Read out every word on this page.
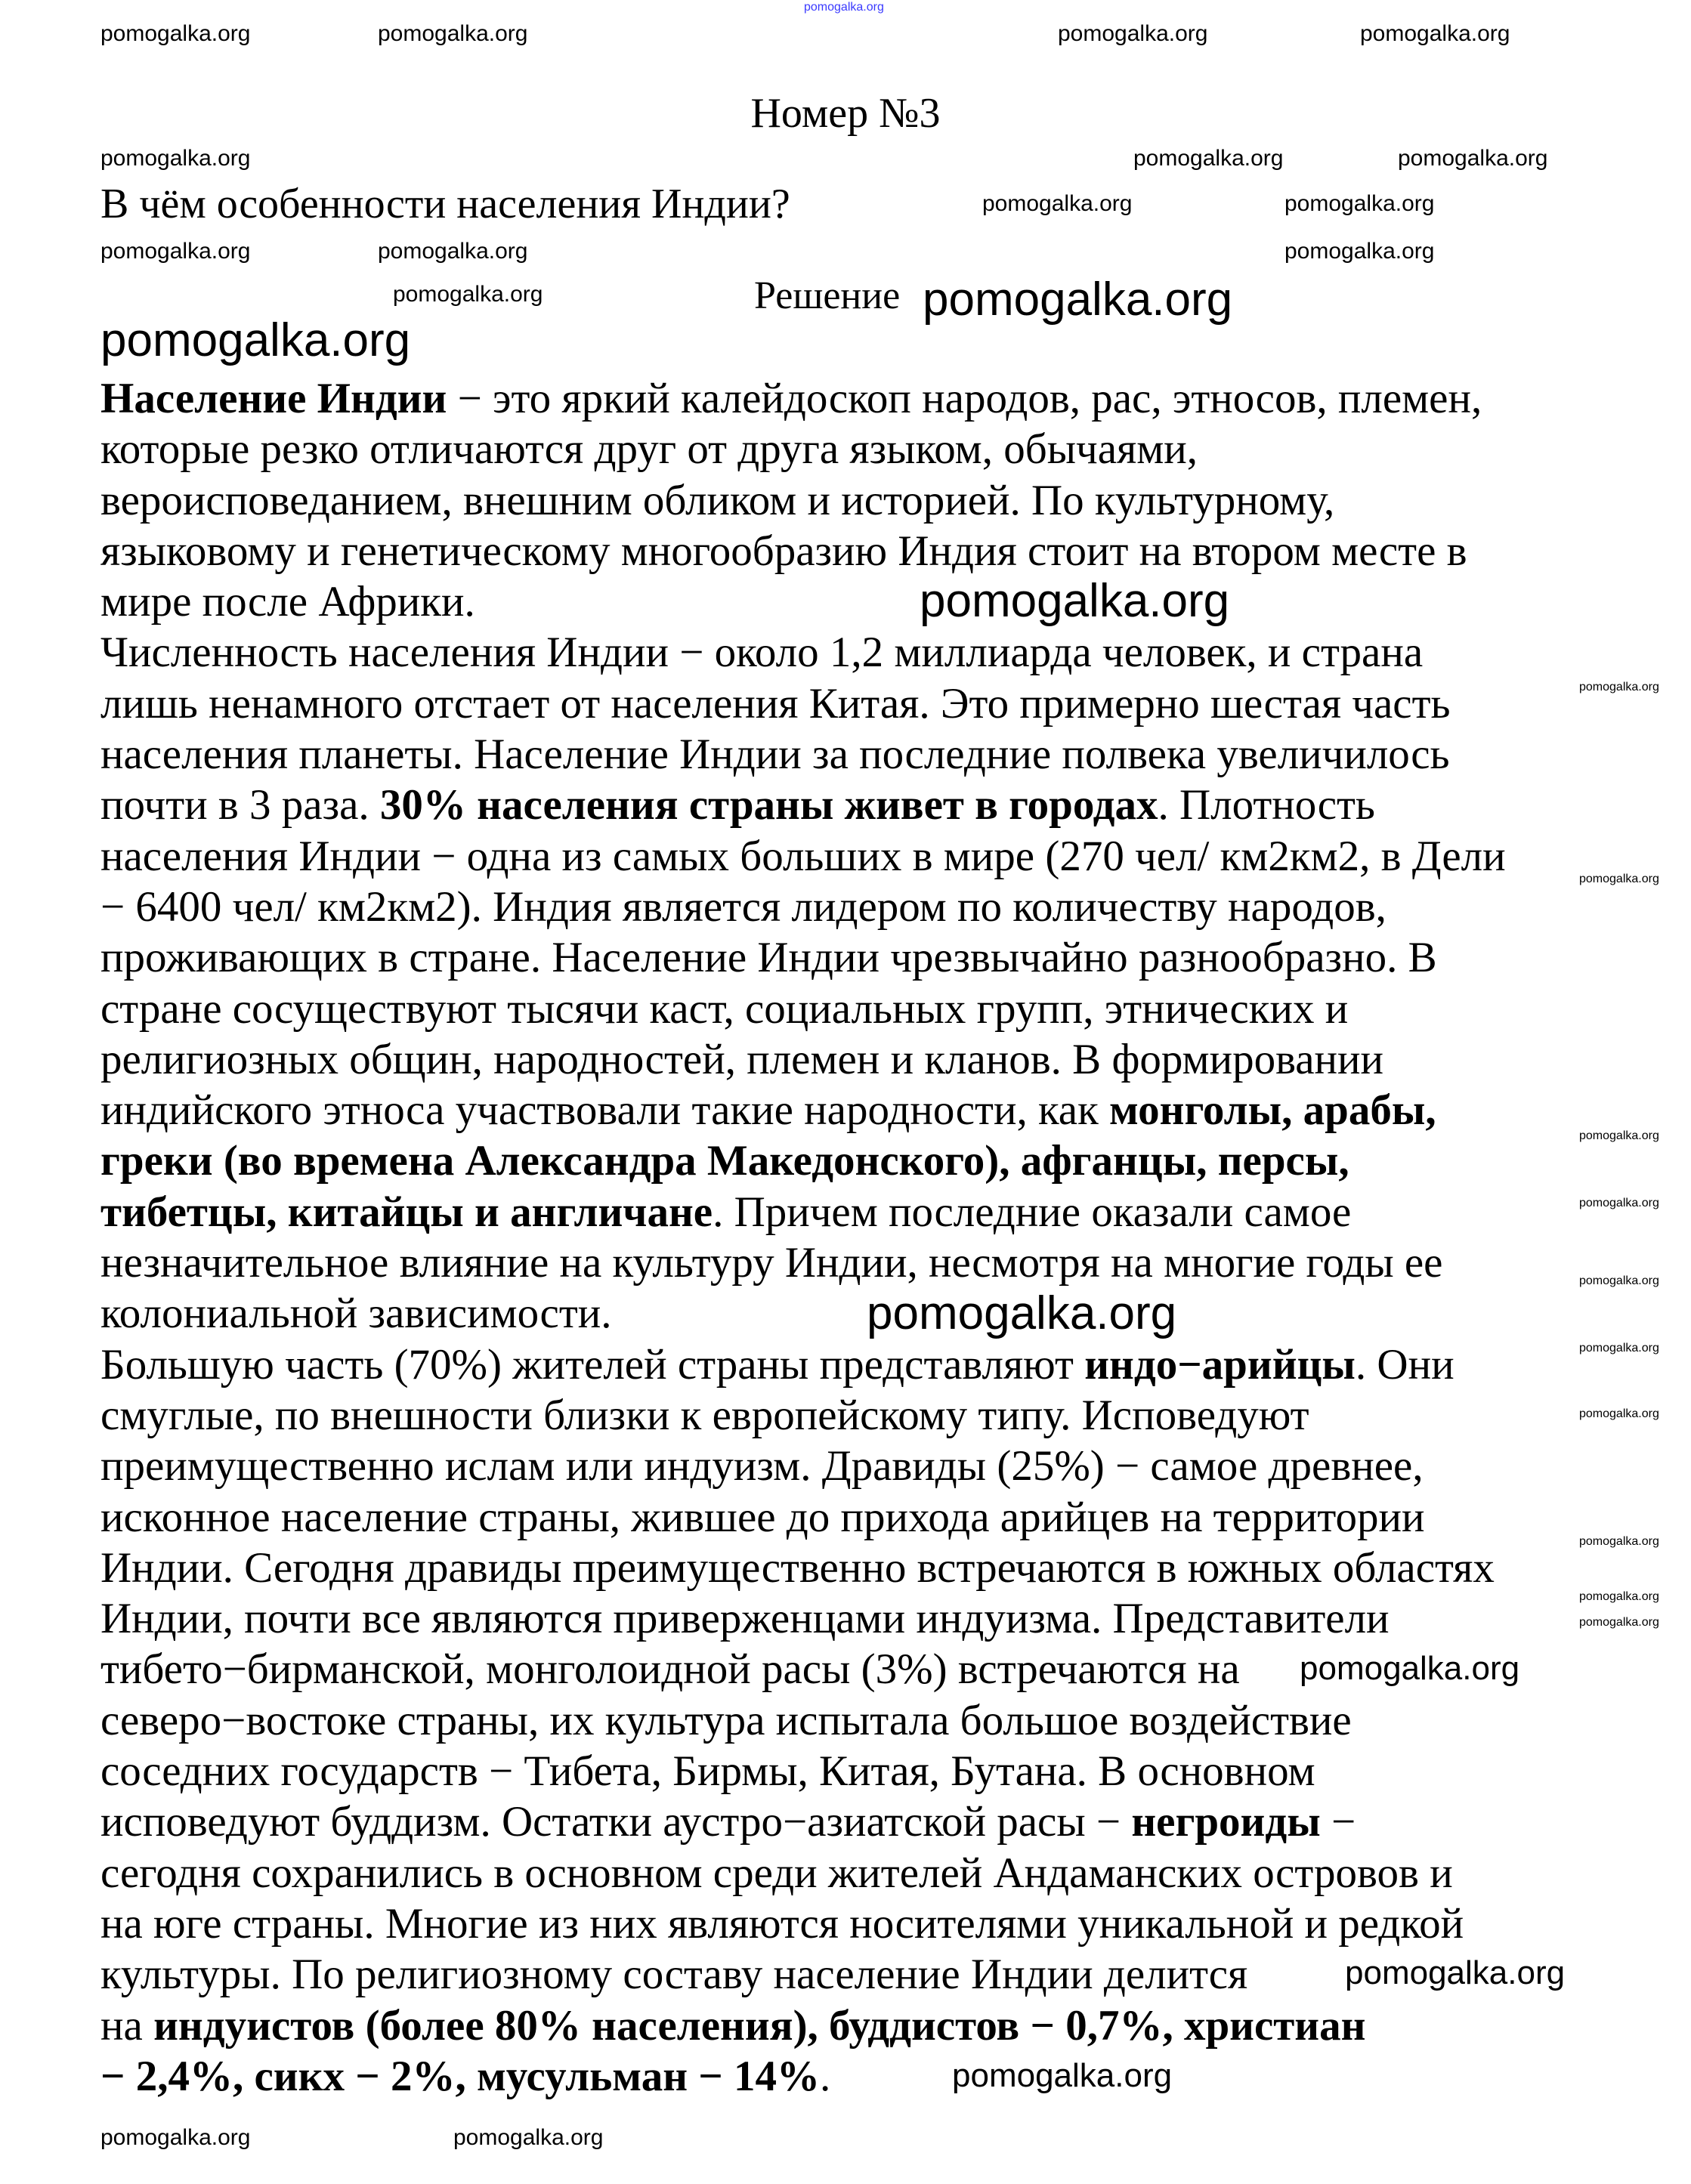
pomogalka.org
Номер №3
В чём особенности населения Индии?
Решение
Население Индии − это яркий калейдоскоп народов, рас, этносов, племен,
которые резко отличаются друг от друга языком, обычаями,
вероисповеданием, внешним обликом и историей. По культурному,
языковому и генетическому многообразию Индия стоит на втором месте в
мире после Африки.
Численность населения Индии − около 1,2 миллиарда человек, и страна
лишь ненамного отстает от населения Китая. Это примерно шестая часть
населения планеты. Население Индии за последние полвека увеличилось
почти в 3 раза. 30% населения страны живет в городах. Плотность
населения Индии − одна из самых больших в мире (270 чел/ км2км2, в Дели
− 6400 чел/ км2км2). Индия является лидером по количеству народов,
проживающих в стране. Население Индии чрезвычайно разнообразно. В
стране сосуществуют тысячи каст, социальных групп, этнических и
религиозных общин, народностей, племен и кланов. В формировании
индийского этноса участвовали такие народности, как монголы, арабы,
греки (во времена Александра Македонского), афганцы, персы,
тибетцы, китайцы и англичане. Причем последние оказали самое
незначительное влияние на культуру Индии, несмотря на многие годы ее
колониальной зависимости.
Большую часть (70%) жителей страны представляют индо−арийцы. Они
смуглые, по внешности близки к европейскому типу. Исповедуют
преимущественно ислам или индуизм. Дравиды (25%) − самое древнее,
исконное население страны, жившее до прихода арийцев на территории
Индии. Сегодня дравиды преимущественно встречаются в южных областях
Индии, почти все являются приверженцами индуизма. Представители
тибето−бирманской, монголоидной расы (3%) встречаются на
северо−востоке страны, их культура испытала большое воздействие
соседних государств − Тибета, Бирмы, Китая, Бутана. В основном
исповедуют буддизм. Остатки аустро−азиатской расы − негроиды −
сегодня сохранились в основном среди жителей Андаманских островов и
на юге страны. Многие из них являются носителями уникальной и редкой
культуры. По религиозному составу население Индии делится
на индуистов (более 80% населения), буддистов − 0,7%, христиан
− 2,4%, сикх − 2%, мусульман − 14%.
pomogalka.org
pomogalka.org
pomogalka.org
pomogalka.org
pomogalka.org
pomogalka.org
pomogalka.org
pomogalka.org	pomogalka.org	pomogalka.org	pomogalka.org
pomogalka.org	pomogalka.org	pomogalka.org
pomogalka.org	pomogalka.org
pomogalka.org	pomogalka.org	pomogalka.org
pomogalka.org
pomogalka.org	pomogalka.org
pomogalka.org
pomogalka.org
pomogalka.org
pomogalka.org
pomogalka.org
pomogalka.org
pomogalka.org
pomogalka.org
pomogalka.org
pomogalka.org
